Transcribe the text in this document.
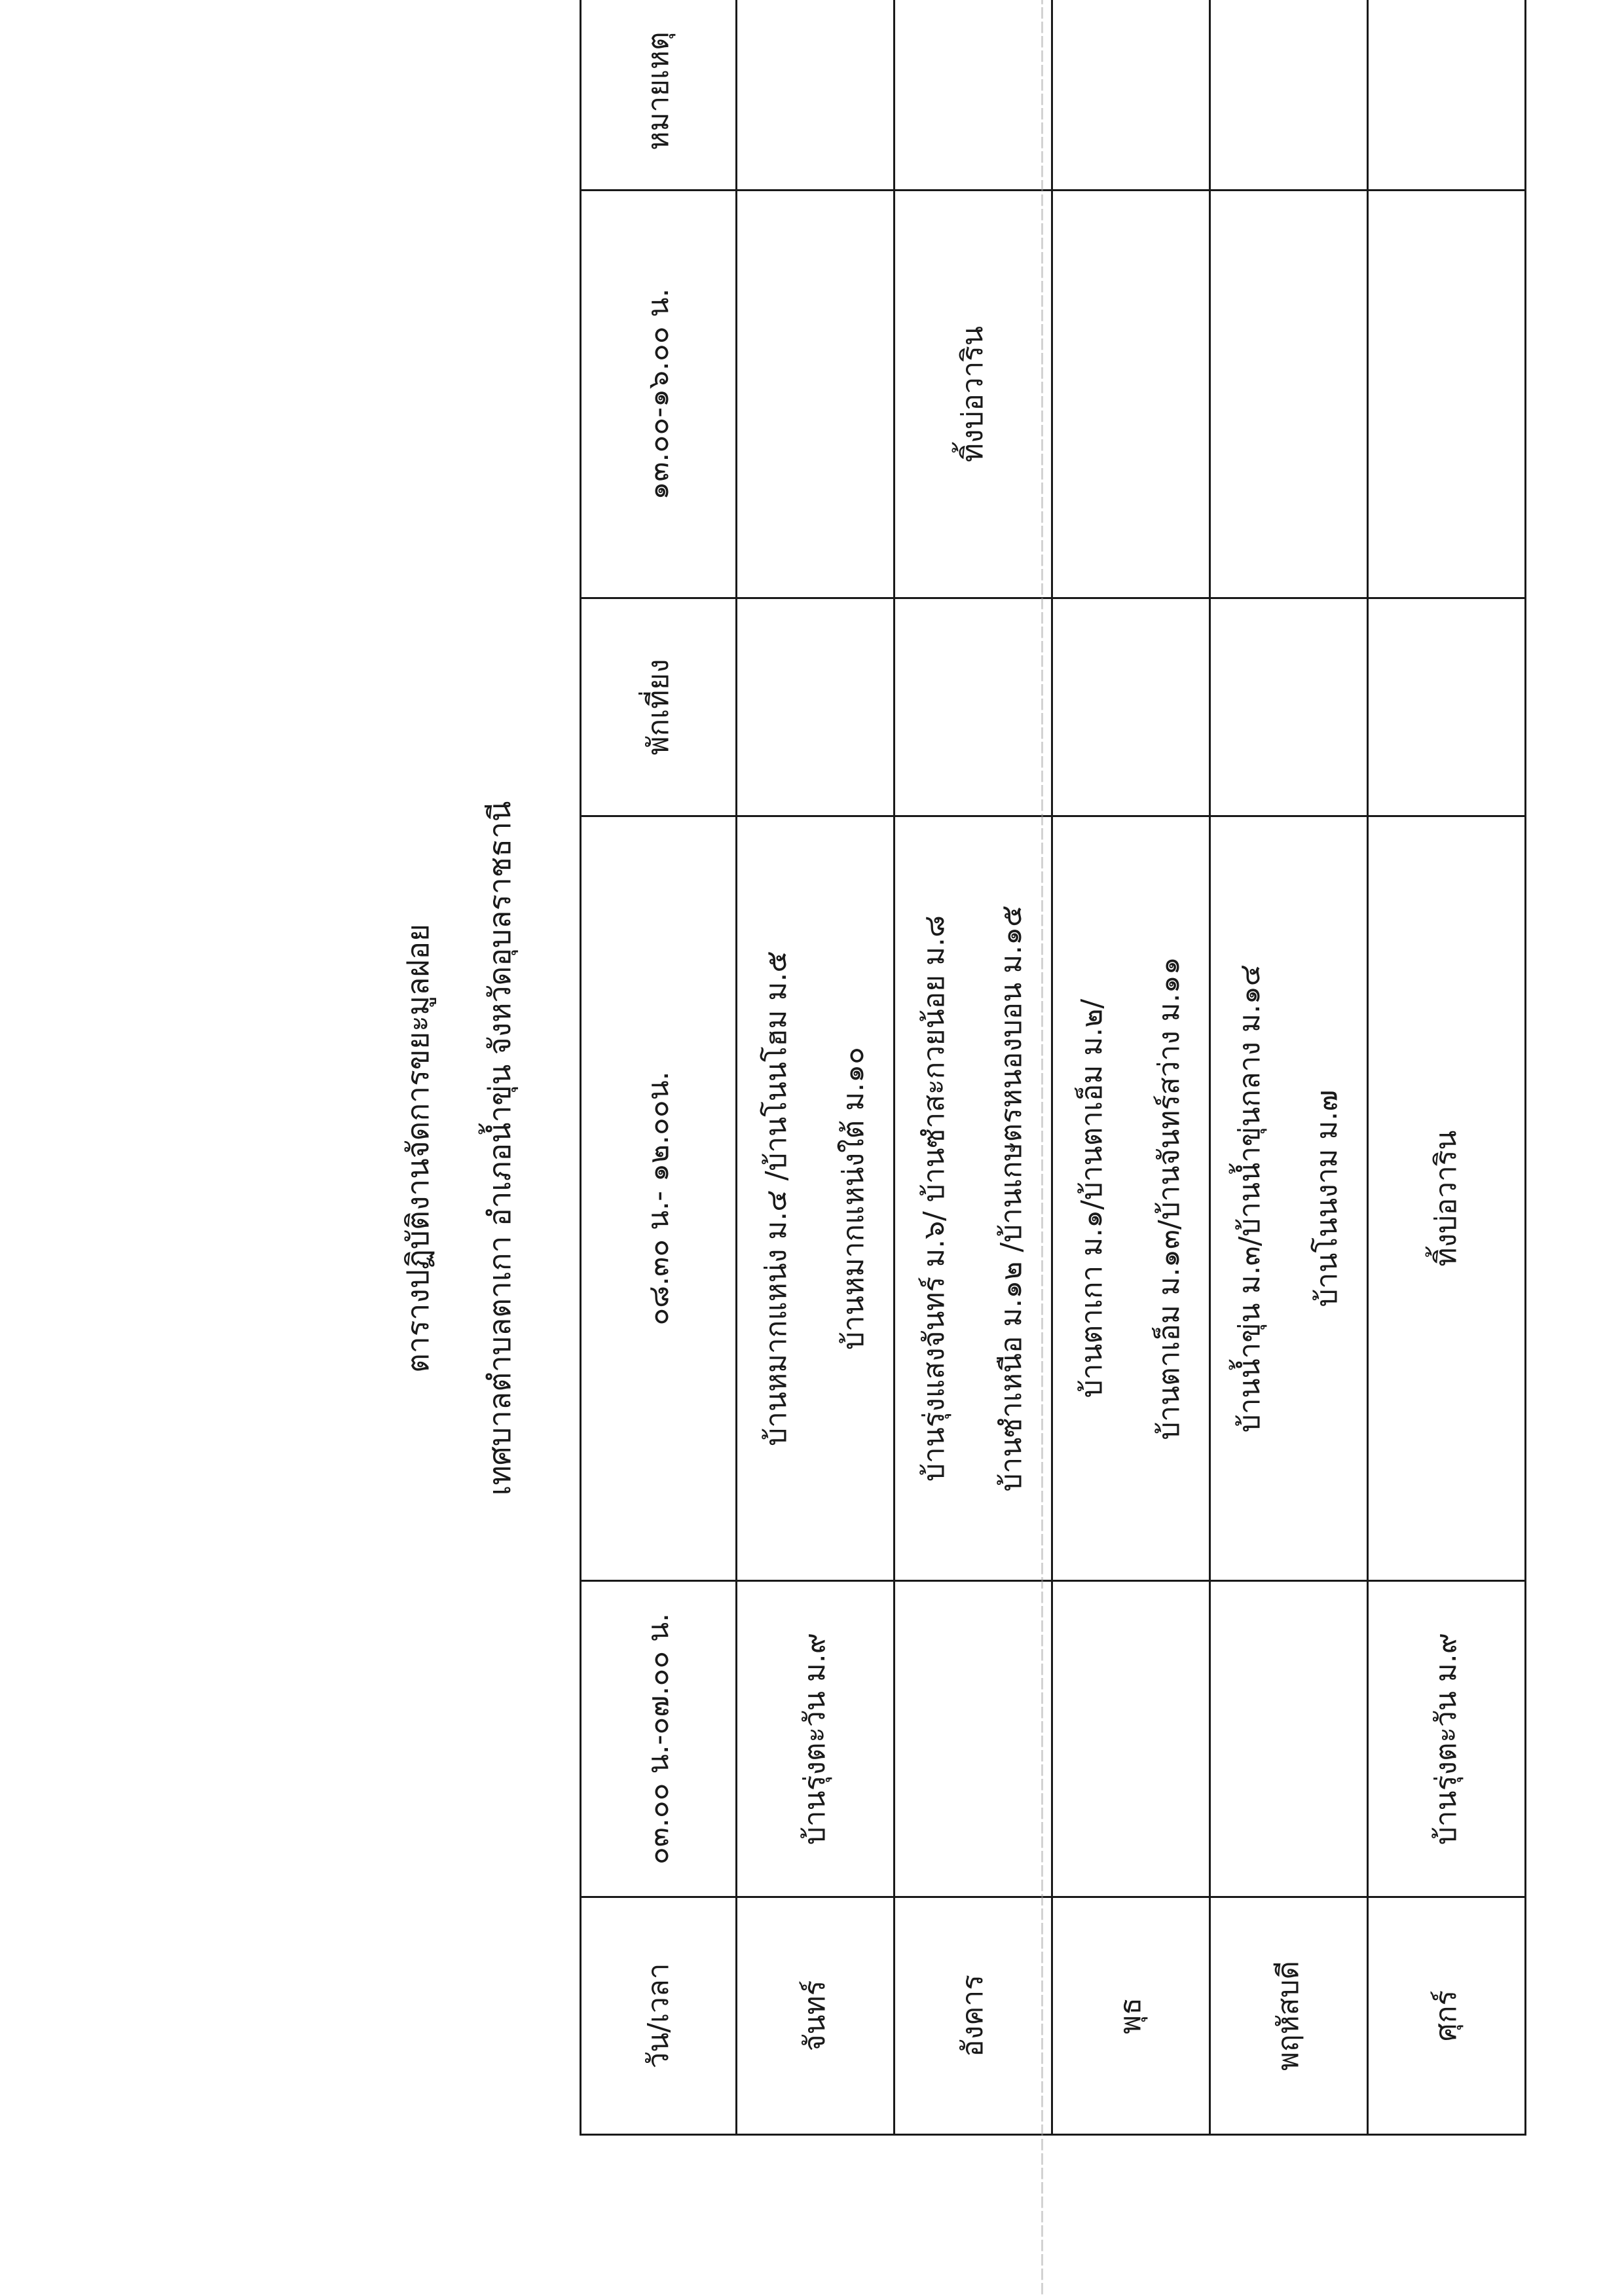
ตารางปฏิบัติงานจัดการขยะมูลฝอย เทศบาลตำบลตาเกา อำเภอน้ำขุ่น จังหวัดอุบลราชธานี
วัน/เวลา	๐๓.๐๐ น.-๐๗.๐๐ น.	๐๘.๓๐ น.- ๑๒.๐๐น.	พักเที่ยง	๑๓.๐๐-๑๖.๐๐ น.	หมายเหตุ
จันทร์	บ้านรุ่งตะวัน ม.๙	บ้านหมากแหน่ง ม.๔ /บ้านโนนโฮม ม.๕ บ้านหมากแหน่งใต้ ม.๑๐			

อังคาร		บ้านรุ่งแสงจันทร์ ม.๖/ บ้านซำสะกวยน้อย ม.๘ บ้านซำเหนือ ม.๑๒ /บ้านเกษตรหนองบอน ม.๑๕		ทิ้งบ่อวาริน	
พุธ		บ้านตาเกา ม.๑/บ้านตาเอ็ม ม.๒/ บ้านตาเอ็ม ม.๑๓/บ้านจันทร์สว่าง ม.๑๑			

พฤหัสบดี		บ้านน้ำขุ่น ม.๓/บ้านน้ำขุ่นกลาง ม.๑๔ บ้านโนนงาม ม.๗			

ศุกร์	บ้านรุ่งตะวัน ม.๙	ทิ้งบ่อวาริน			
